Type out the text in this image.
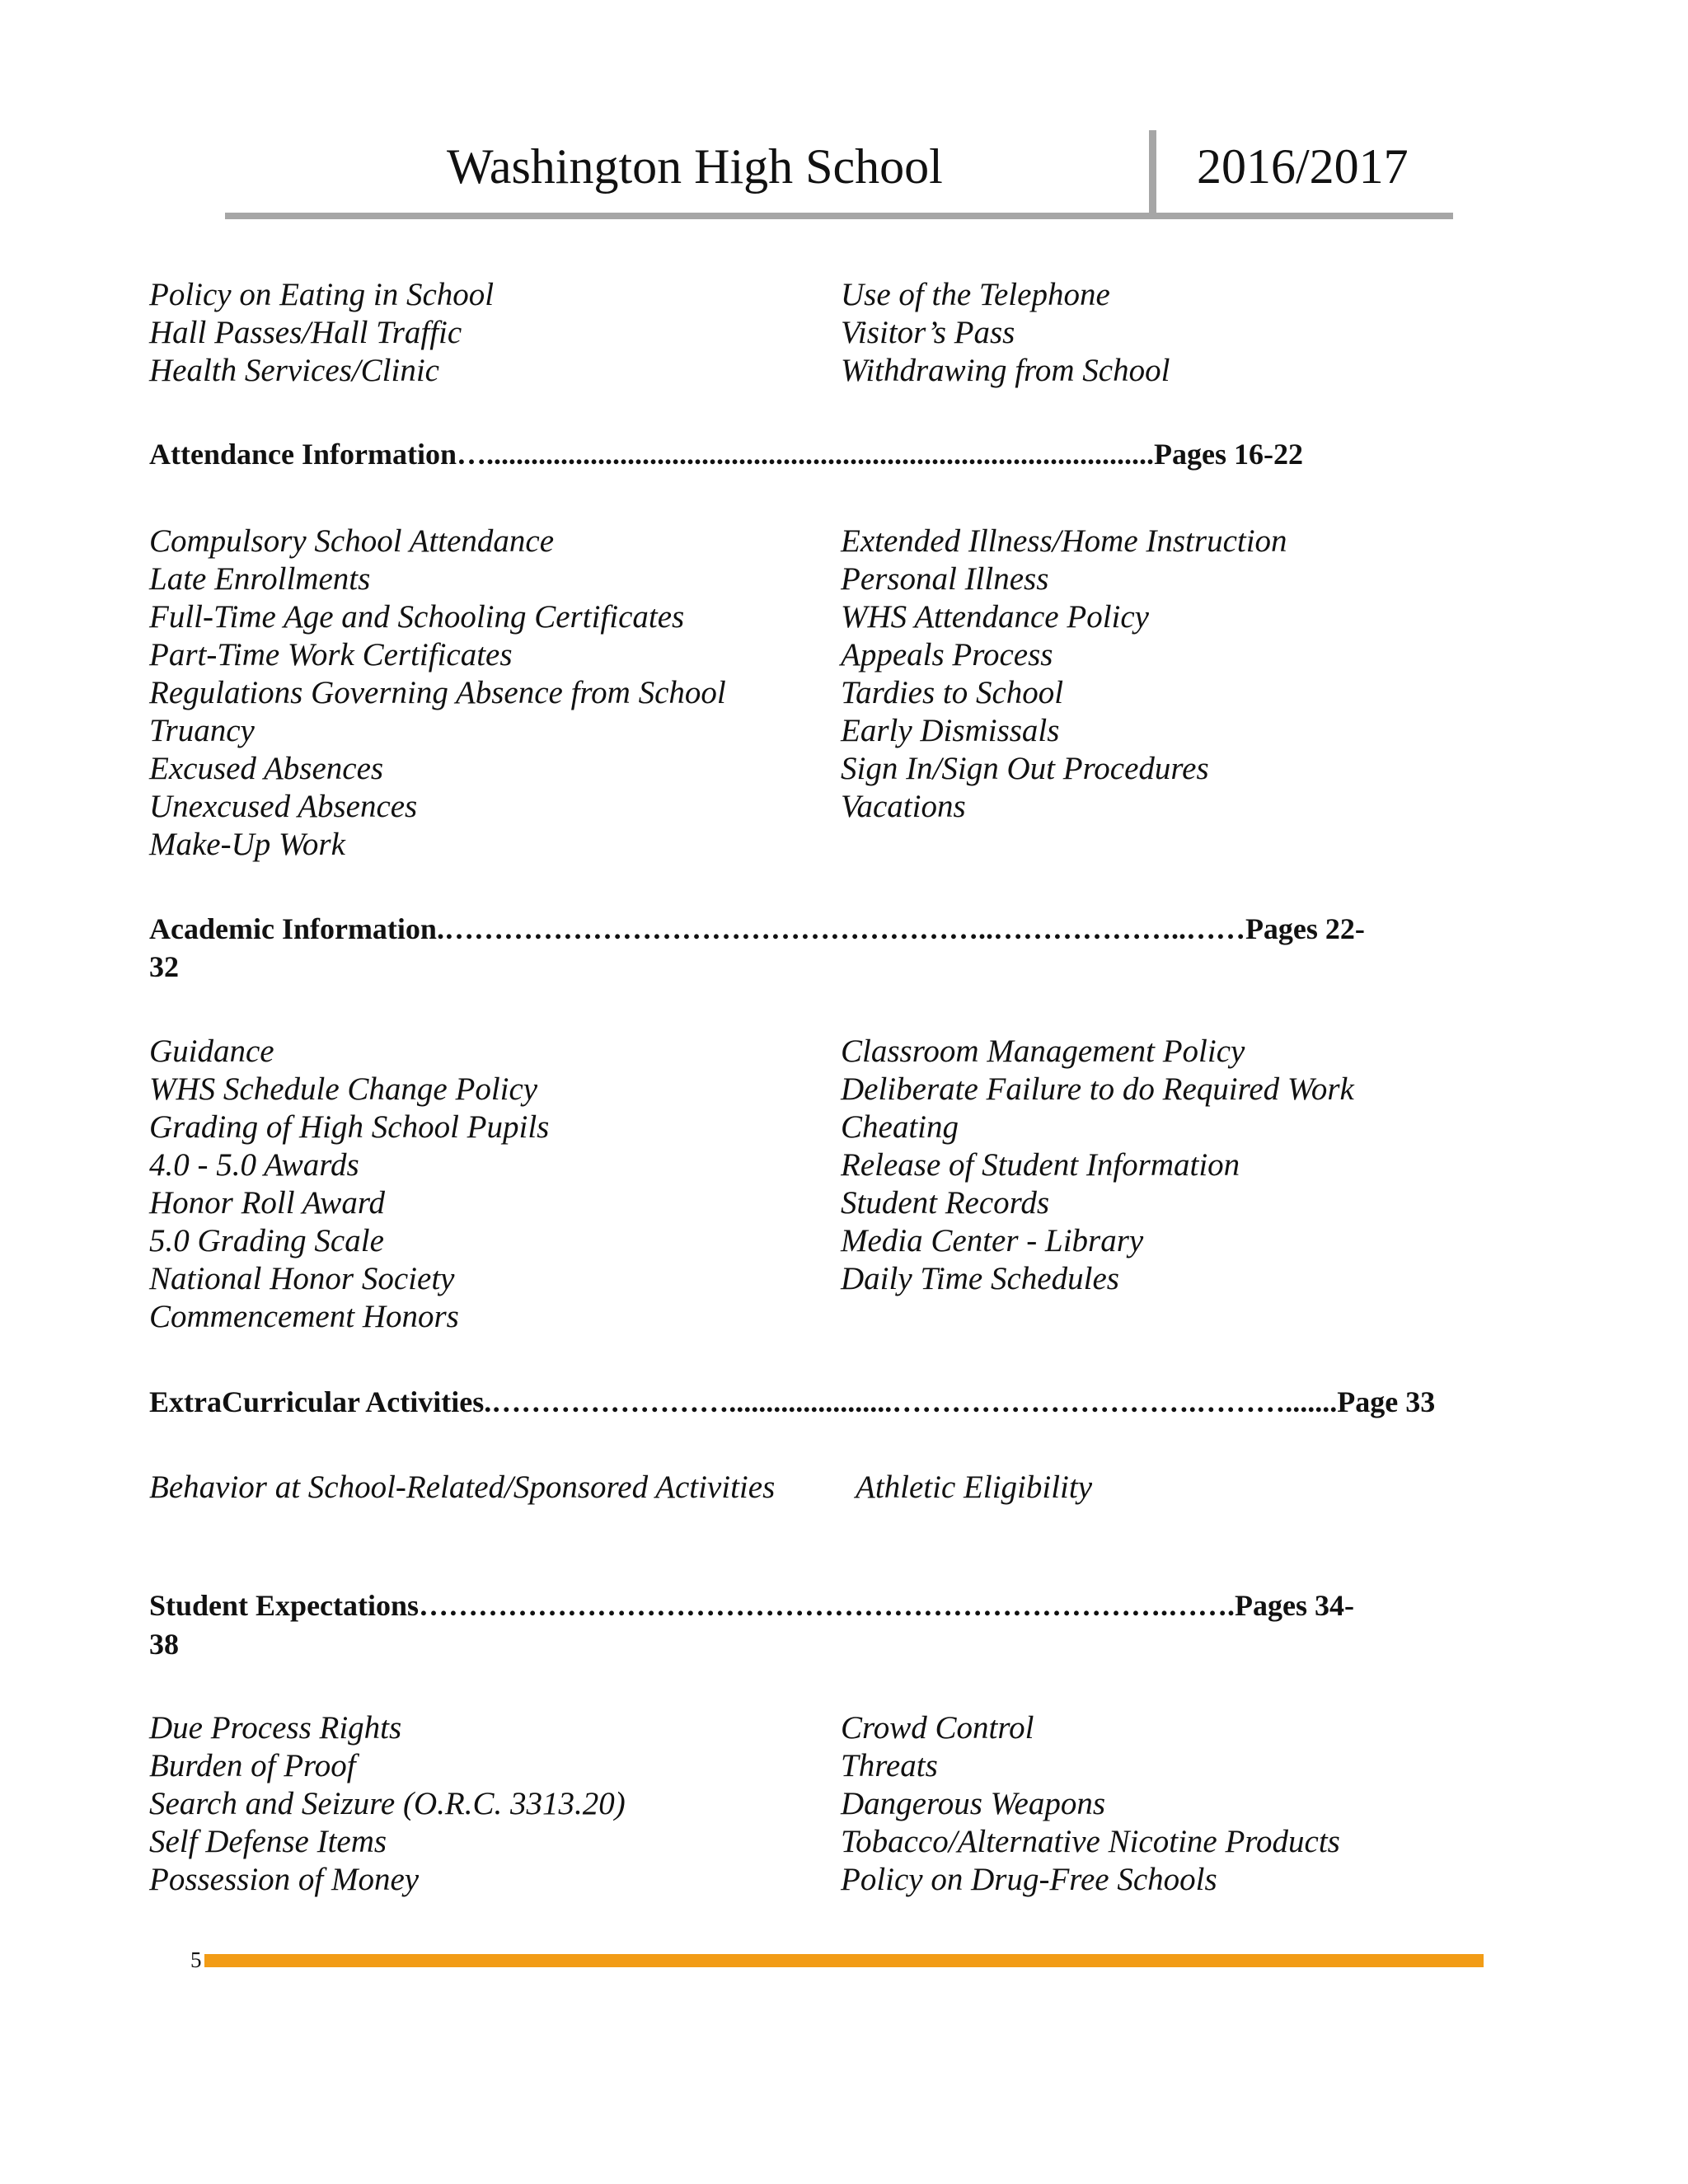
Washington High School	2016/2017
Policy on Eating in School
Hall Passes/Hall Traffic
Health Services/Clinic
Use of the Telephone
Visitor’s Pass
Withdrawing from School
Attendance Information…..........................................................................................Pages 16-22
Compulsory School Attendance
Late Enrollments
Full-Time Age and Schooling Certificates
Part-Time Work Certificates
Regulations Governing Absence from School
Truancy
Excused Absences
Unexcused Absences
Make-Up Work
Extended Illness/Home Instruction
Personal Illness
WHS Attendance Policy
Appeals Process
Tardies to School
Early Dismissals
Sign In/Sign Out Procedures
Vacations
Academic Information.………………………………………………..………………..……Pages 22-
32
Guidance
WHS Schedule Change Policy
Grading of High School Pupils
4.0 - 5.0 Awards
Honor Roll Award
5.0 Grading Scale
National Honor Society
Commencement Honors
Classroom Management Policy
Deliberate Failure to do Required Work
Cheating
Release of Student Information
Student Records
Media Center - Library
Daily Time Schedules
ExtraCurricular Activities.……………………......................………………………….……….......Page 33
Behavior at School-Related/Sponsored Activities	Athletic Eligibility
Student Expectations………………………………………………………………….…….Pages 34-
38
Due Process Rights
Burden of Proof
Search and Seizure (O.R.C. 3313.20)
Self Defense Items
Possession of Money
Crowd Control
Threats
Dangerous Weapons
Tobacco/Alternative Nicotine Products
Policy on Drug-Free Schools
5
